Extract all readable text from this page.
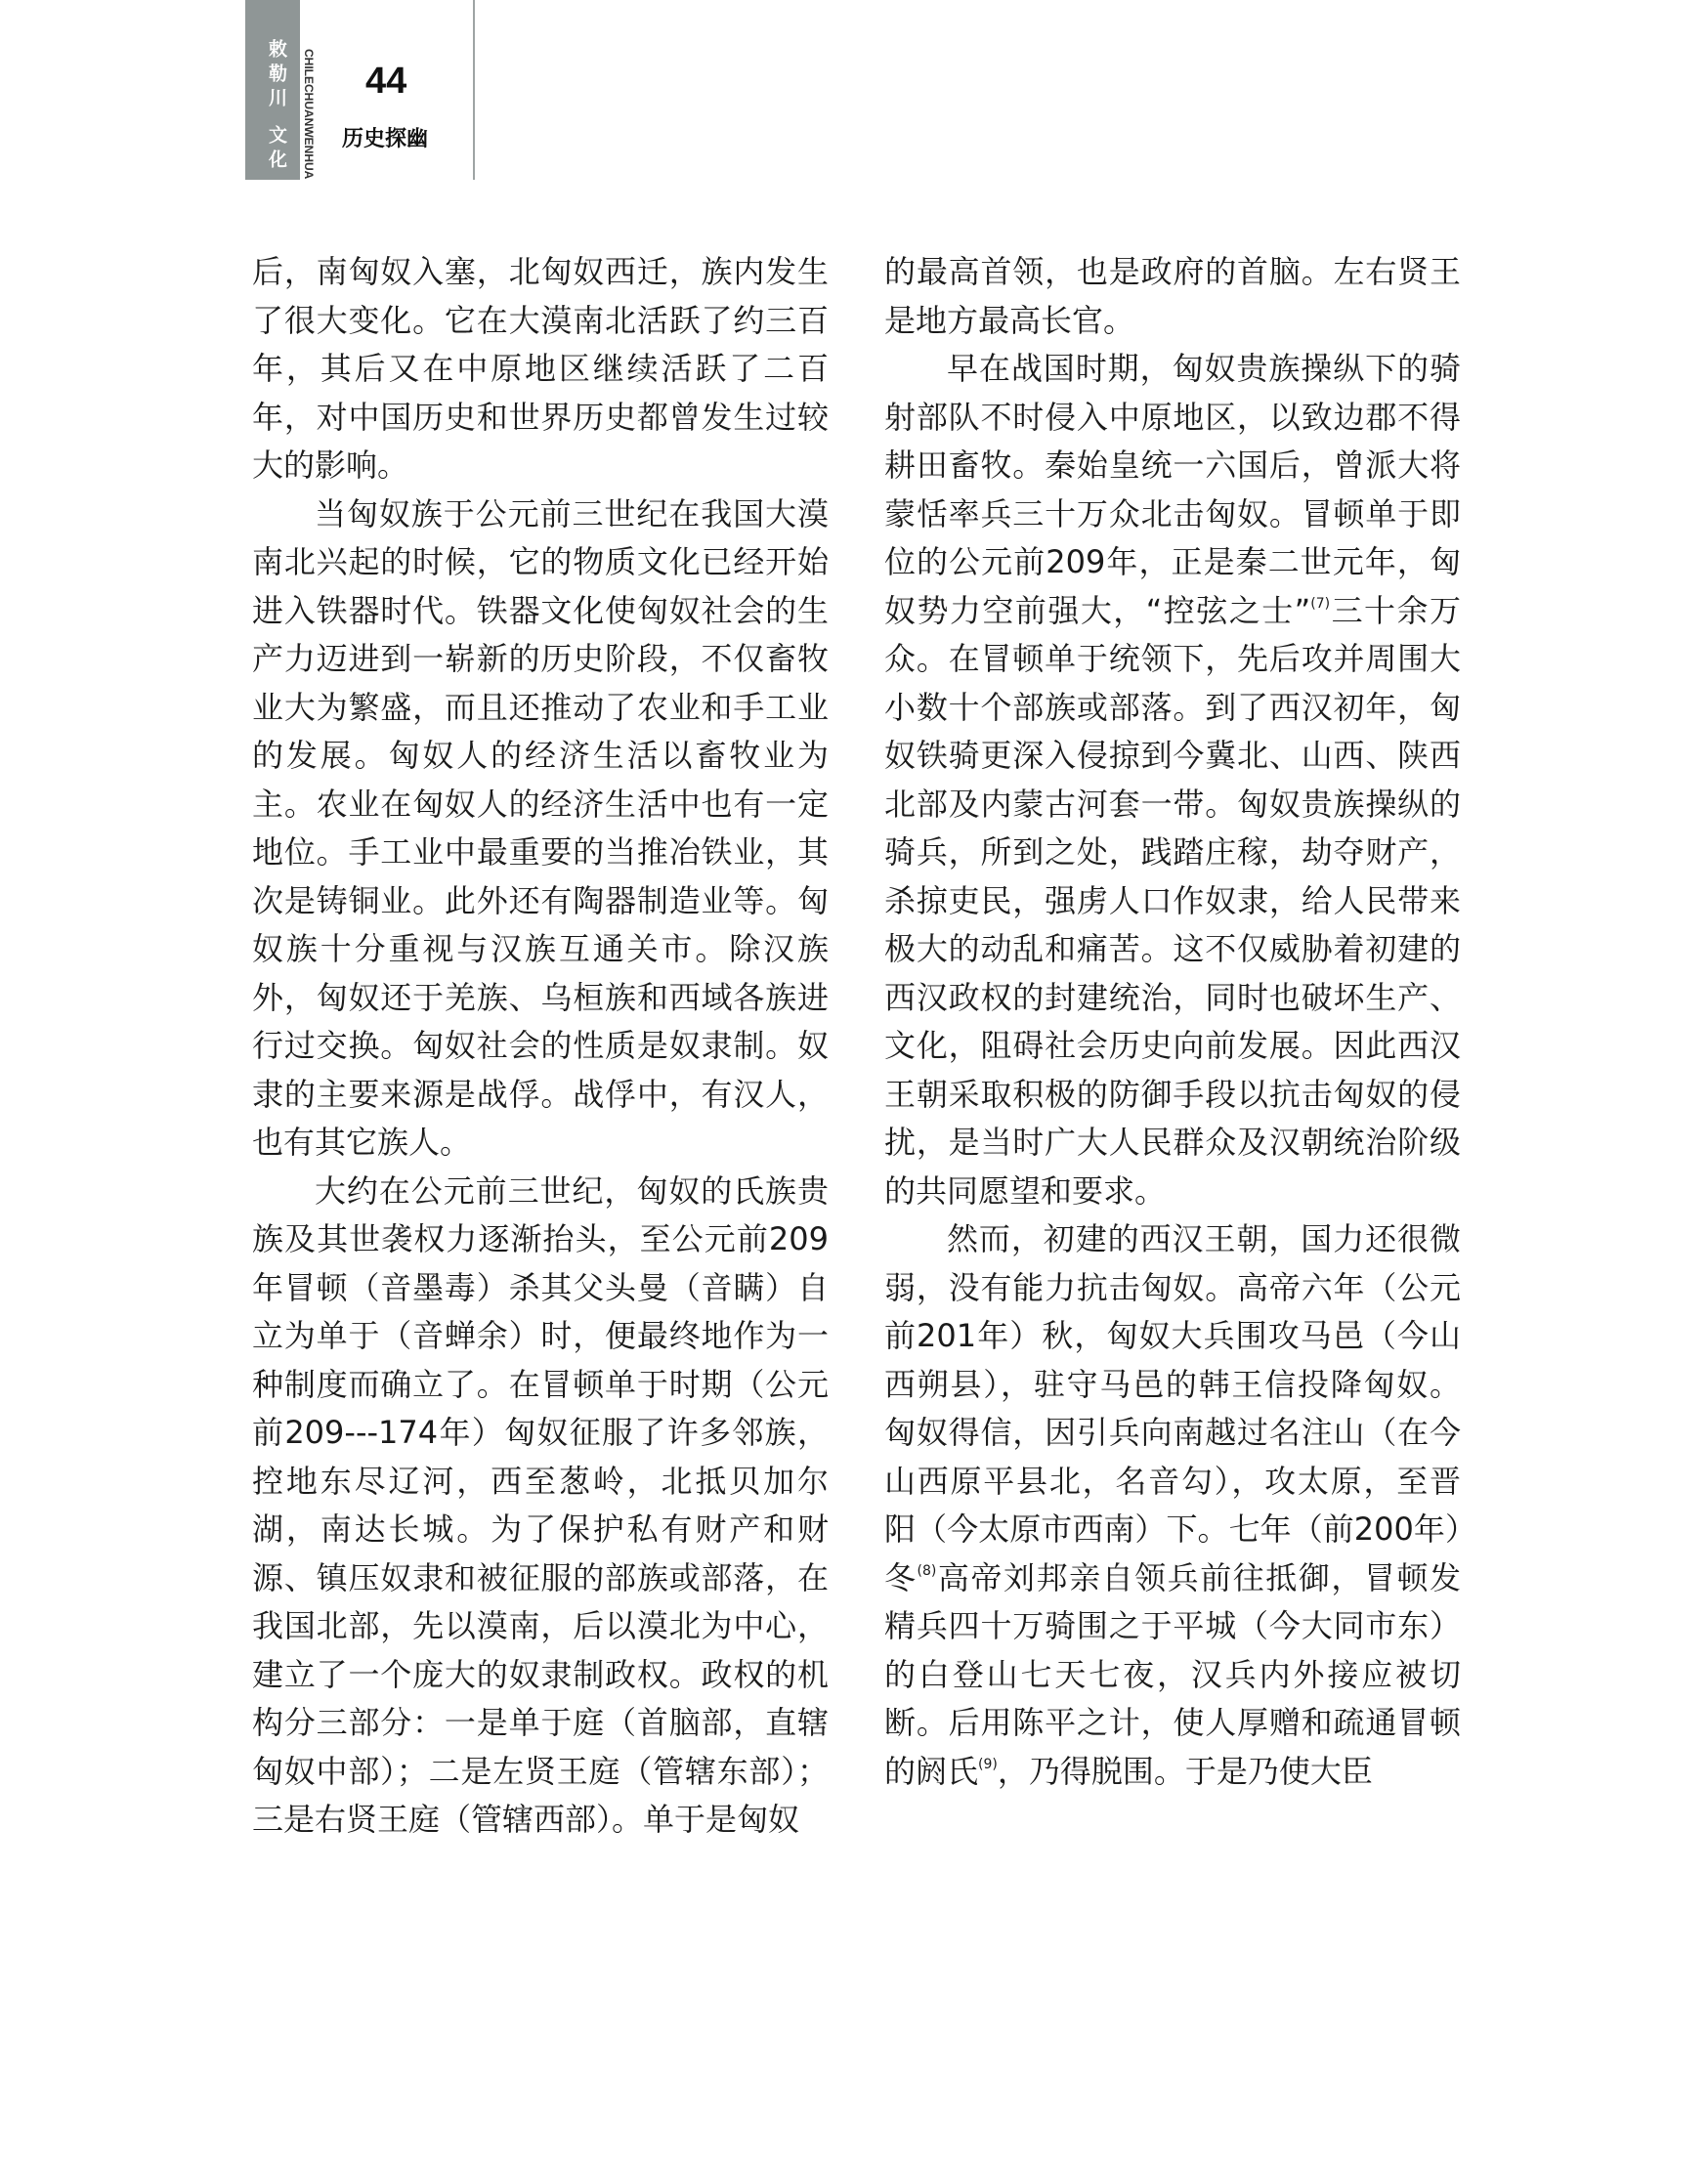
敕勒川 文化 CHILECHUANWENHUA 44
历史探幽

后，南匈奴入塞，北匈奴西迁，族内发生了很大变化。它在大漠南北活跃了约三百年，其后又在中原地区继续活跃了二百年，对中国历史和世界历史都曾发生过较大的影响。

当匈奴族于公元前三世纪在我国大漠南北兴起的时候，它的物质文化已经开始进入铁器时代。铁器文化使匈奴社会的生产力迈进到一崭新的历史阶段，不仅畜牧业大为繁盛，而且还推动了农业和手工业的发展。匈奴人的经济生活以畜牧业为主。农业在匈奴人的经济生活中也有一定地位。手工业中最重要的当推冶铁业，其次是铸铜业。此外还有陶器制造业等。匈奴族十分重视与汉族互通关市。除汉族外，匈奴还于羌族、乌桓族和西域各族进行过交换。匈奴社会的性质是奴隶制。奴隶的主要来源是战俘。战俘中，有汉人，也有其它族人。

大约在公元前三世纪，匈奴的氏族贵族及其世袭权力逐渐抬头，至公元前209年冒顿（音墨毒）杀其父头曼（音瞒）自立为单于（音蝉余）时，便最终地作为一种制度而确立了。在冒顿单于时期（公元前209---174年）匈奴征服了许多邻族，控地东尽辽河，西至葱岭，北抵贝加尔湖，南达长城。为了保护私有财产和财源、镇压奴隶和被征服的部族或部落，在我国北部，先以漠南，后以漠北为中心，建立了一个庞大的奴隶制政权。政权的机构分三部分：一是单于庭（首脑部，直辖匈奴中部）；二是左贤王庭（管辖东部）；三是右贤王庭（管辖西部）。单于是匈奴

的最高首领，也是政府的首脑。左右贤王是地方最高长官。

早在战国时期，匈奴贵族操纵下的骑射部队不时侵入中原地区，以致边郡不得耕田畜牧。秦始皇统一六国后，曾派大将蒙恬率兵三十万众北击匈奴。冒顿单于即位的公元前209年，正是秦二世元年，匈奴势力空前强大，“控弦之士”$^{(7)}$三十余万众。在冒顿单于统领下，先后攻并周围大小数十个部族或部落。到了西汉初年，匈奴铁骑更深入侵掠到今冀北、山西、陕西北部及内蒙古河套一带。匈奴贵族操纵的骑兵，所到之处，践踏庄稼，劫夺财产，杀掠吏民，强虏人口作奴隶，给人民带来极大的动乱和痛苦。这不仅威胁着初建的西汉政权的封建统治，同时也破坏生产、文化，阻碍社会历史向前发展。因此西汉王朝采取积极的防御手段以抗击匈奴的侵扰，是当时广大人民群众及汉朝统治阶级的共同愿望和要求。

然而，初建的西汉王朝，国力还很微弱，没有能力抗击匈奴。高帝六年（公元前201年）秋，匈奴大兵围攻马邑（今山西朔县），驻守马邑的韩王信投降匈奴。匈奴得信，因引兵向南越过名注山（在今山西原平县北，名音勾），攻太原，至晋阳（今太原市西南）下。七年（前200年）冬$^{(8)}$高帝刘邦亲自领兵前往抵御，冒顿发精兵四十万骑围之于平城（今大同市东）的白登山七天七夜，汉兵内外接应被切断。后用陈平之计，使人厚赠和疏通冒顿的阏氏$^{(9)}$，乃得脱围。于是乃使大臣
